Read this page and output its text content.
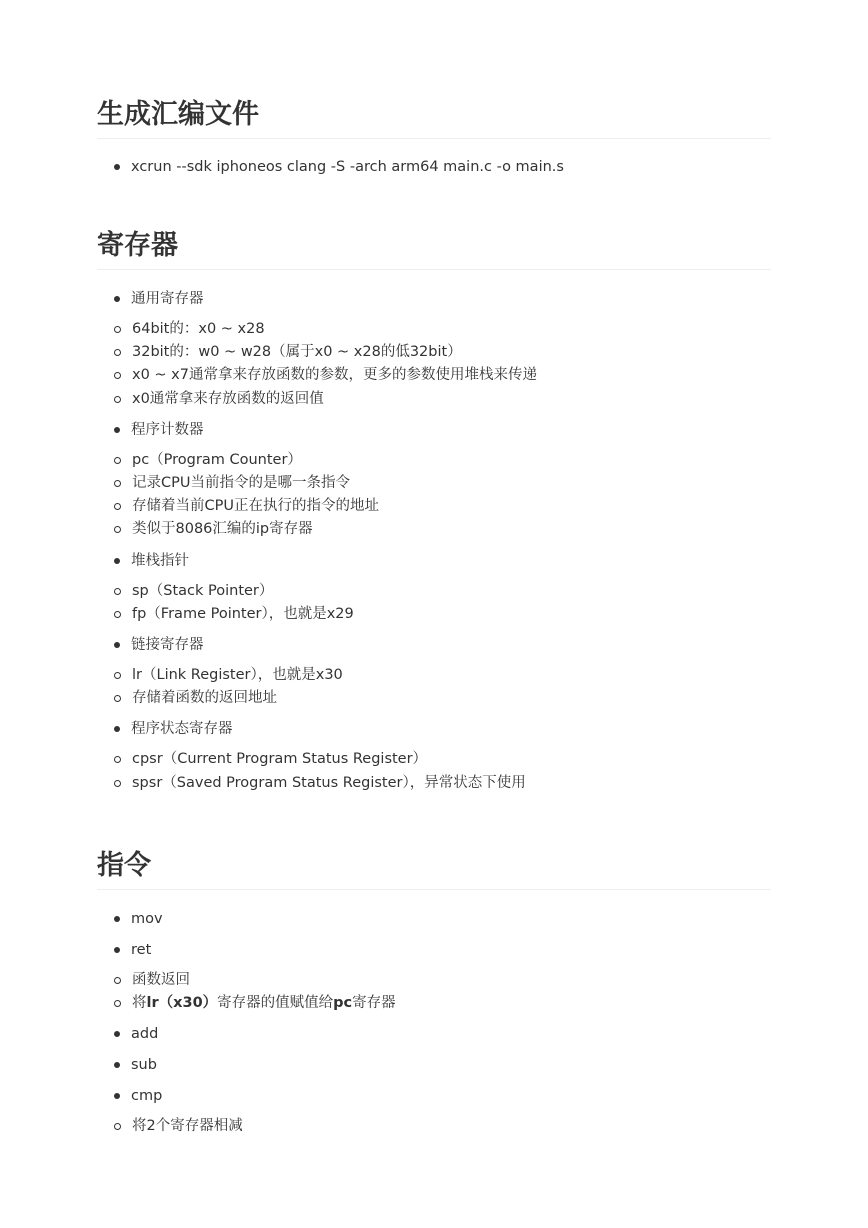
生成汇编文件
xcrun --sdk iphoneos clang -S -arch arm64 main.c -o main.s
寄存器
通用寄存器
64bit的：x0 ~ x28
32bit的：w0 ~ w28（属于x0 ~ x28的低32bit）
x0 ~ x7通常拿来存放函数的参数，更多的参数使用堆栈来传递
x0通常拿来存放函数的返回值
程序计数器
pc（Program Counter）
记录CPU当前指令的是哪一条指令
存储着当前CPU正在执行的指令的地址
类似于8086汇编的ip寄存器
堆栈指针
sp（Stack Pointer）
fp（Frame Pointer），也就是x29
链接寄存器
lr（Link Register），也就是x30
存储着函数的返回地址
程序状态寄存器
cpsr（Current Program Status Register）
spsr（Saved Program Status Register），异常状态下使用
指令
mov
ret
函数返回
将lr（x30）寄存器的值赋值给pc寄存器
add
sub
cmp
将2个寄存器相减
